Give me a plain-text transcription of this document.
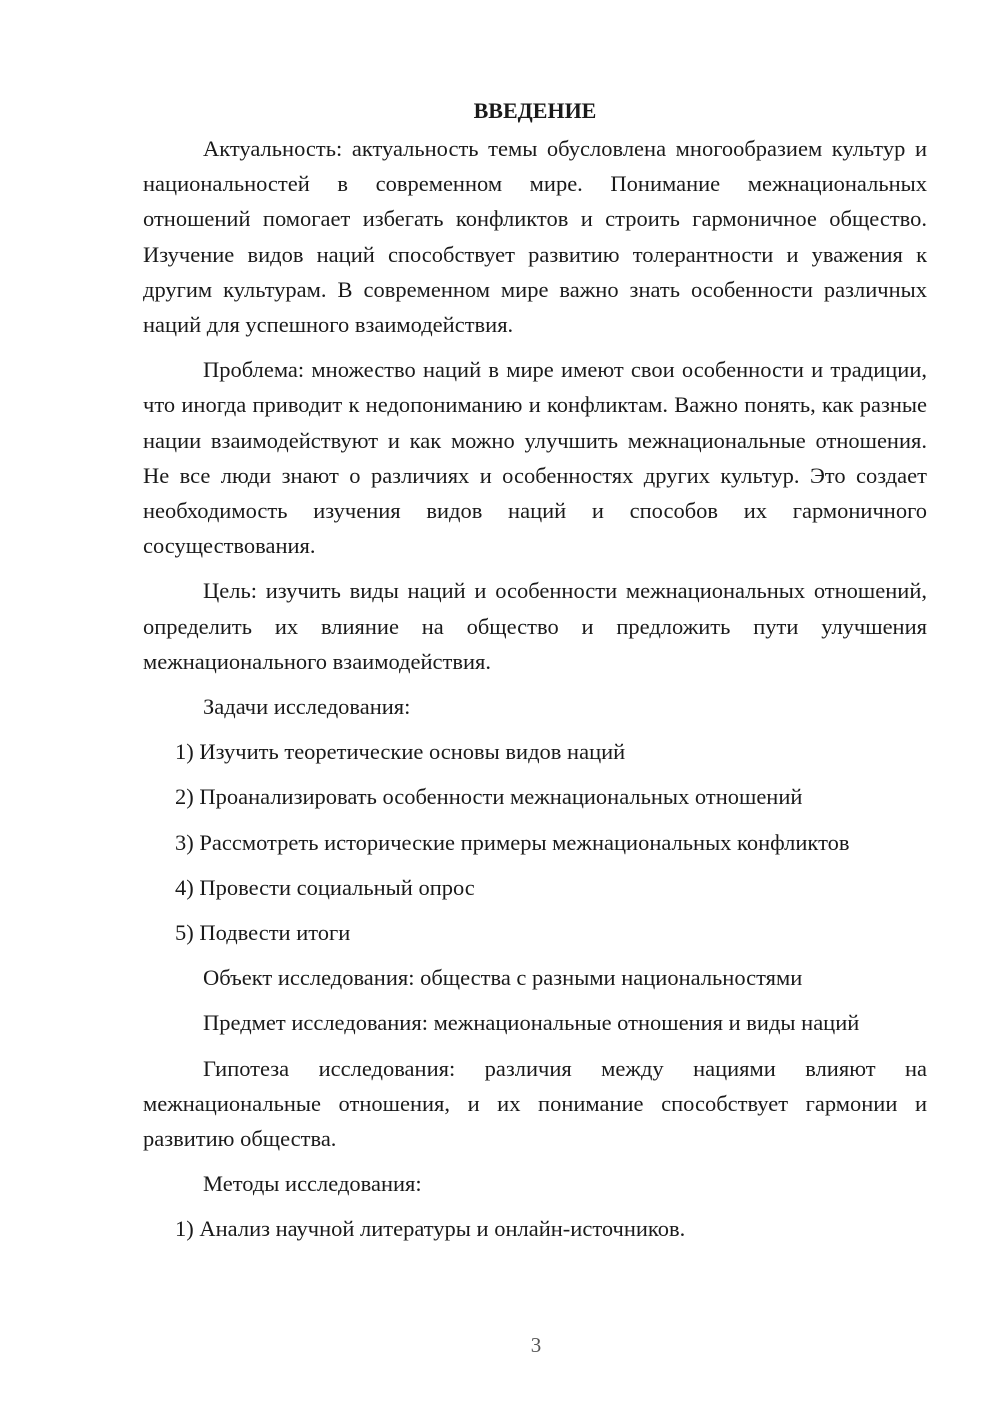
ВВЕДЕНИЕ

Актуальность: актуальность темы обусловлена многообразием культур и национальностей в современном мире. Понимание межнациональных отношений помогает избегать конфликтов и строить гармоничное общество. Изучение видов наций способствует развитию толерантности и уважения к другим культурам. В современном мире важно знать особенности различных наций для успешного взаимодействия.

Проблема: множество наций в мире имеют свои особенности и традиции, что иногда приводит к недопониманию и конфликтам. Важно понять, как разные нации взаимодействуют и как можно улучшить межнациональные отношения. Не все люди знают о различиях и особенностях других культур. Это создает необходимость изучения видов наций и способов их гармоничного сосуществования.

Цель: изучить виды наций и особенности межнациональных отношений, определить их влияние на общество и предложить пути улучшения межнационального взаимодействия.

Задачи исследования:

1) Изучить теоретические основы видов наций
2) Проанализировать особенности межнациональных отношений
3) Рассмотреть исторические примеры межнациональных конфликтов
4) Провести социальный опрос
5) Подвести итоги

Объект исследования: общества с разными национальностями

Предмет исследования: межнациональные отношения и виды наций

Гипотеза исследования: различия между нациями влияют на межнациональные отношения, и их понимание способствует гармонии и развитию общества.

Методы исследования:

1) Анализ научной литературы и онлайн-источников.
3
